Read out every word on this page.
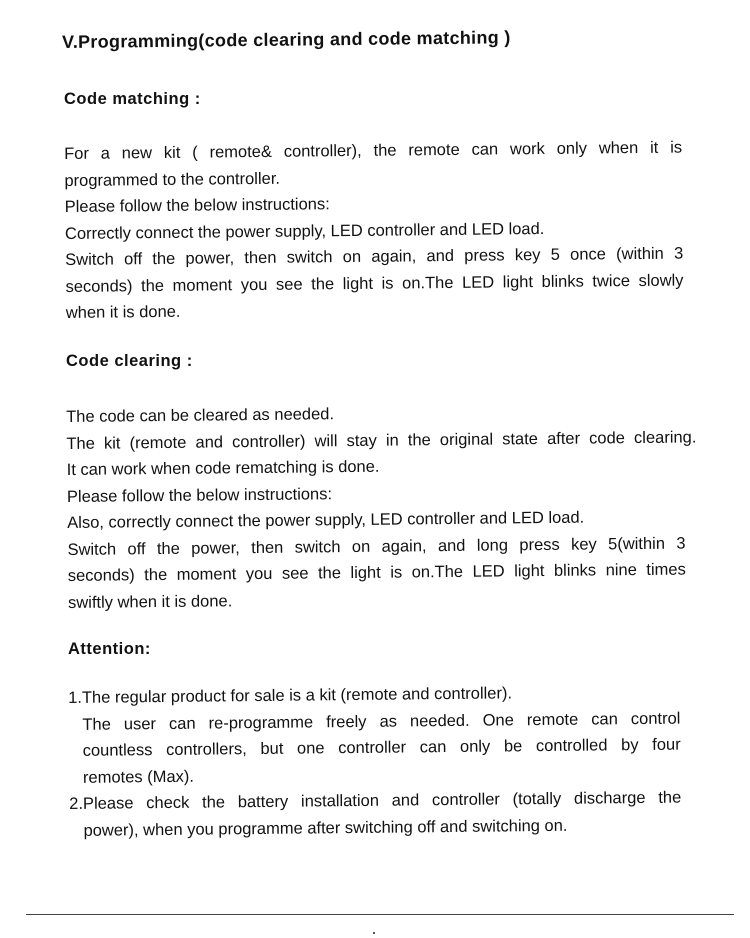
V.Programming(code clearing and code matching )
Code matching :
For a new kit ( remote& controller), the remote can work only when it is
programmed to the controller.
Please follow the below instructions:
Correctly connect the power supply, LED controller and LED load.
Switch off the power, then switch on again, and press key 5 once (within 3
seconds) the moment you see the light is on.The LED light blinks twice slowly
when it is done.
Code clearing :
The code can be cleared as needed.
The kit (remote and controller) will stay in the original state after code clearing.
It can work when code rematching is done.
Please follow the below instructions:
Also, correctly connect the power supply, LED controller and LED load.
Switch off the power, then switch on again, and long press key 5(within 3
seconds) the moment you see the light is on.The LED light blinks nine times
swiftly when it is done.
Attention:
1.The regular product for sale is a kit (remote and controller).
The user can re-programme freely as needed. One remote can control
countless controllers, but one controller can only be controlled by four
remotes (Max).
2.Please check the battery installation and controller (totally discharge the
power), when you programme after switching off and switching on.
